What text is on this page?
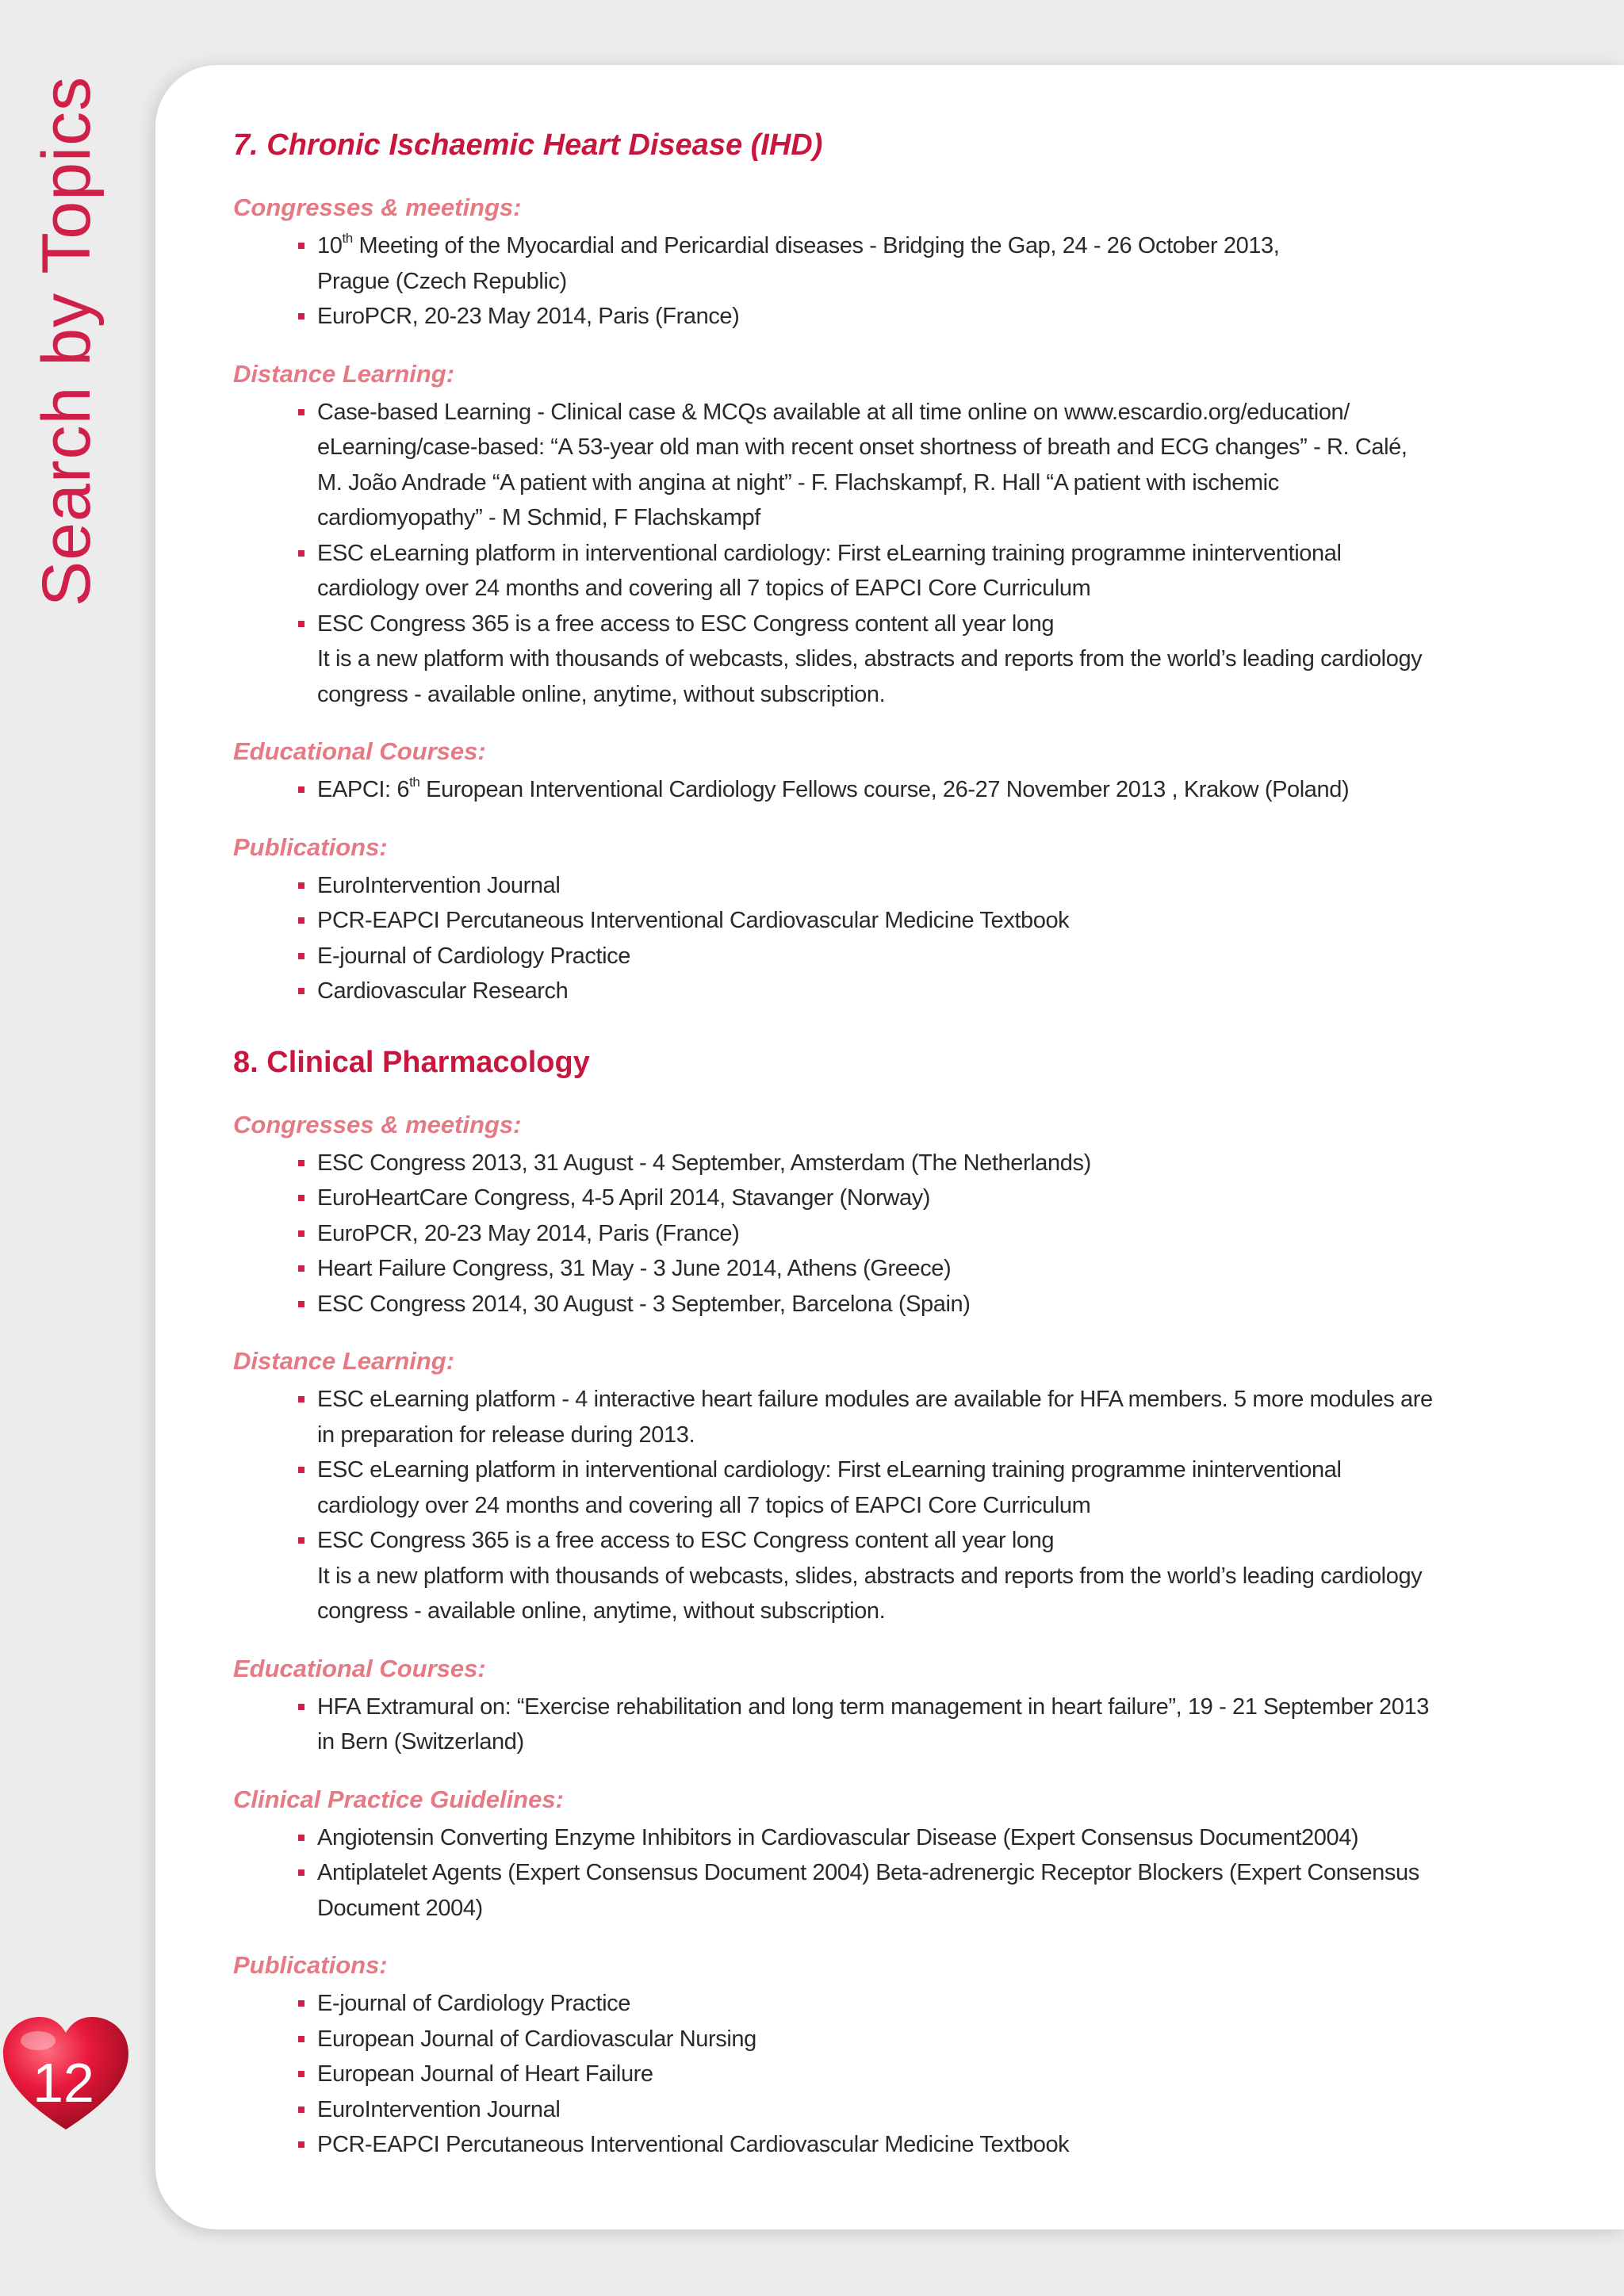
Search by Topics
12
7. Chronic Ischaemic Heart Disease (IHD)
Congresses & meetings:
10th Meeting of the Myocardial and Pericardial diseases - Bridging the Gap, 24 - 26 October 2013,
Prague (Czech Republic)
EuroPCR, 20-23 May 2014, Paris (France)
Distance Learning:
Case-based Learning - Clinical case & MCQs available at all time online on www.escardio.org/education/
eLearning/case-based: “A 53-year old man with recent onset shortness of breath and ECG changes” - R. Calé,
M. João Andrade “A patient with angina at night” - F. Flachskampf, R. Hall “A patient with ischemic
cardiomyopathy” - M Schmid, F Flachskampf
ESC eLearning platform in interventional cardiology: First eLearning training programme ininterventional
cardiology over 24 months and covering all 7 topics of EAPCI Core Curriculum
ESC Congress 365 is a free access to ESC Congress content all year long
It is a new platform with thousands of webcasts, slides, abstracts and reports from the world’s leading cardiology
congress - available online, anytime, without subscription.
Educational Courses:
EAPCI: 6th European Interventional Cardiology Fellows course, 26-27 November 2013 , Krakow (Poland)
Publications:
EuroIntervention Journal
PCR-EAPCI Percutaneous Interventional Cardiovascular Medicine Textbook
E-journal of Cardiology Practice
Cardiovascular Research
8. Clinical Pharmacology
Congresses & meetings:
ESC Congress 2013, 31 August - 4 September, Amsterdam (The Netherlands)
EuroHeartCare Congress, 4-5 April 2014, Stavanger (Norway)
EuroPCR, 20-23 May 2014, Paris (France)
Heart Failure Congress, 31 May - 3 June 2014, Athens (Greece)
ESC Congress 2014, 30 August - 3 September, Barcelona (Spain)
Distance Learning:
ESC eLearning platform - 4 interactive heart failure modules are available for HFA members. 5 more modules are
in preparation for release during 2013.
ESC eLearning platform in interventional cardiology: First eLearning training programme ininterventional
cardiology over 24 months and covering all 7 topics of EAPCI Core Curriculum
ESC Congress 365 is a free access to ESC Congress content all year long
It is a new platform with thousands of webcasts, slides, abstracts and reports from the world’s leading cardiology
congress - available online, anytime, without subscription.
Educational Courses:
HFA Extramural on: “Exercise rehabilitation and long term management in heart failure”, 19 - 21 September 2013
in Bern (Switzerland)
Clinical Practice Guidelines:
Angiotensin Converting Enzyme Inhibitors in Cardiovascular Disease (Expert Consensus Document2004)
Antiplatelet Agents (Expert Consensus Document 2004) Beta-adrenergic Receptor Blockers (Expert Consensus
Document 2004)
Publications:
E-journal of Cardiology Practice
European Journal of Cardiovascular Nursing
European Journal of Heart Failure
EuroIntervention Journal
PCR-EAPCI Percutaneous Interventional Cardiovascular Medicine Textbook
